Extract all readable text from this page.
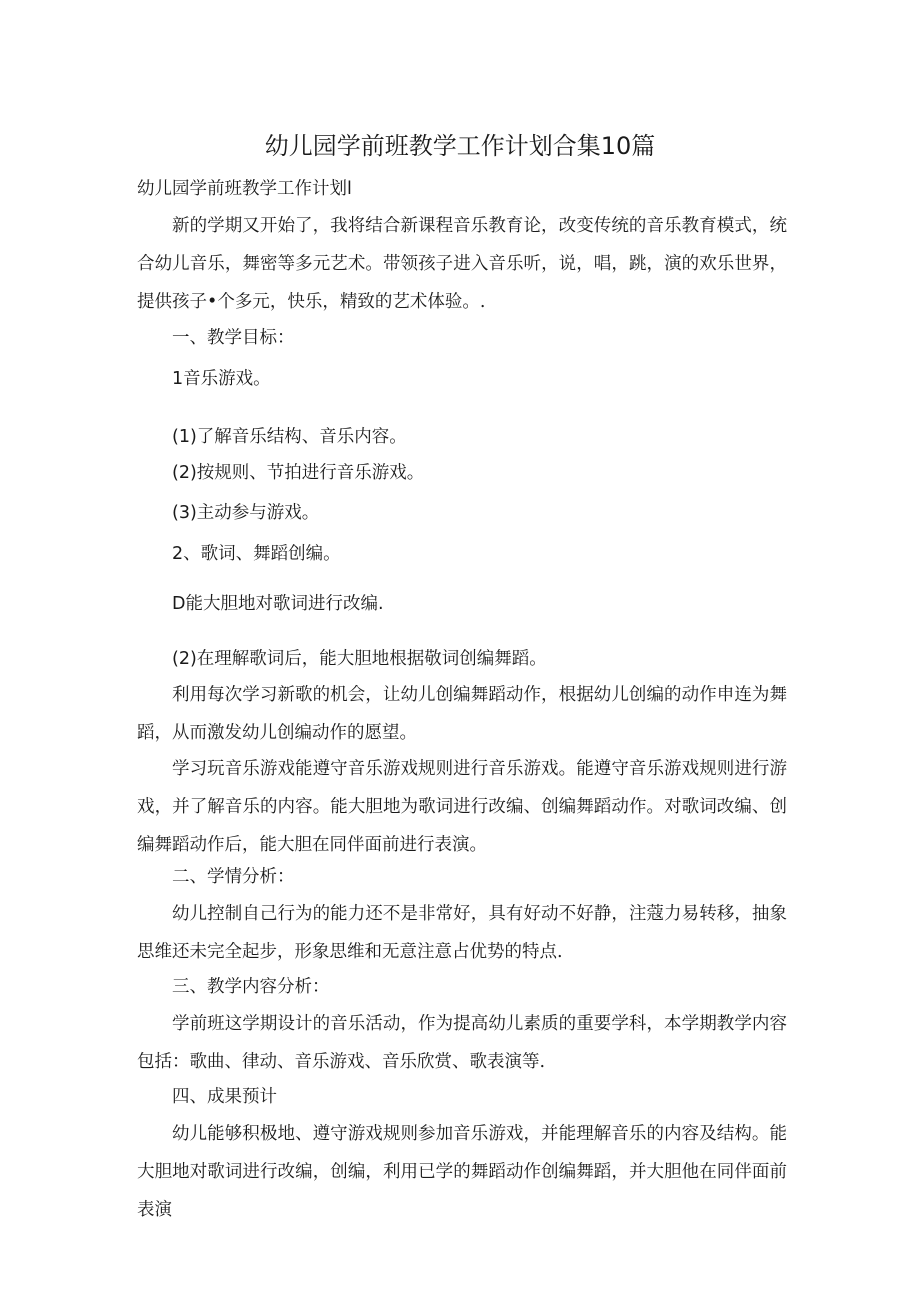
幼儿园学前班教学工作计划合集10篇
幼儿园学前班教学工作计划l
新的学期又开始了，我将结合新课程音乐教育论，改变传统的音乐教育模式，统合幼儿音乐，舞密等多元艺术。带领孩子进入音乐听，说，唱，跳，演的欢乐世界，提供孩子•个多元，快乐，精致的艺术体验。.
一、教学目标：
1音乐游戏。
(1)了解音乐结构、音乐内容。
(2)按规则、节拍进行音乐游戏。
(3)主动参与游戏。
2、歌词、舞蹈创编。
D能大胆地对歌词进行改编.
(2)在理解歌词后，能大胆地根据敬词创编舞蹈。
利用每次学习新歌的机会，让幼儿创编舞蹈动作，根据幼儿创编的动作申连为舞蹈，从而激发幼儿创编动作的愿望。
学习玩音乐游戏能遵守音乐游戏规则进行音乐游戏。能遵守音乐游戏规则进行游戏，并了解音乐的内容。能大胆地为歌词进行改编、创编舞蹈动作。对歌词改编、创编舞蹈动作后，能大胆在同伴面前进行表演。
二、学情分析：
幼儿控制自己行为的能力还不是非常好，具有好动不好静，注蔻力易转移，抽象思维还未完全起步，形象思维和无意注意占优势的特点.
三、教学内容分析：
学前班这学期设计的音乐活动，作为提高幼儿素质的重要学科，本学期教学内容包括：歌曲、律动、音乐游戏、音乐欣赏、歌表演等.
四、成果预计
幼儿能够积极地、遵守游戏规则参加音乐游戏，并能理解音乐的内容及结构。能大胆地对歌词进行改编，创编，利用已学的舞蹈动作创编舞蹈，并大胆他在同伴面前表演
